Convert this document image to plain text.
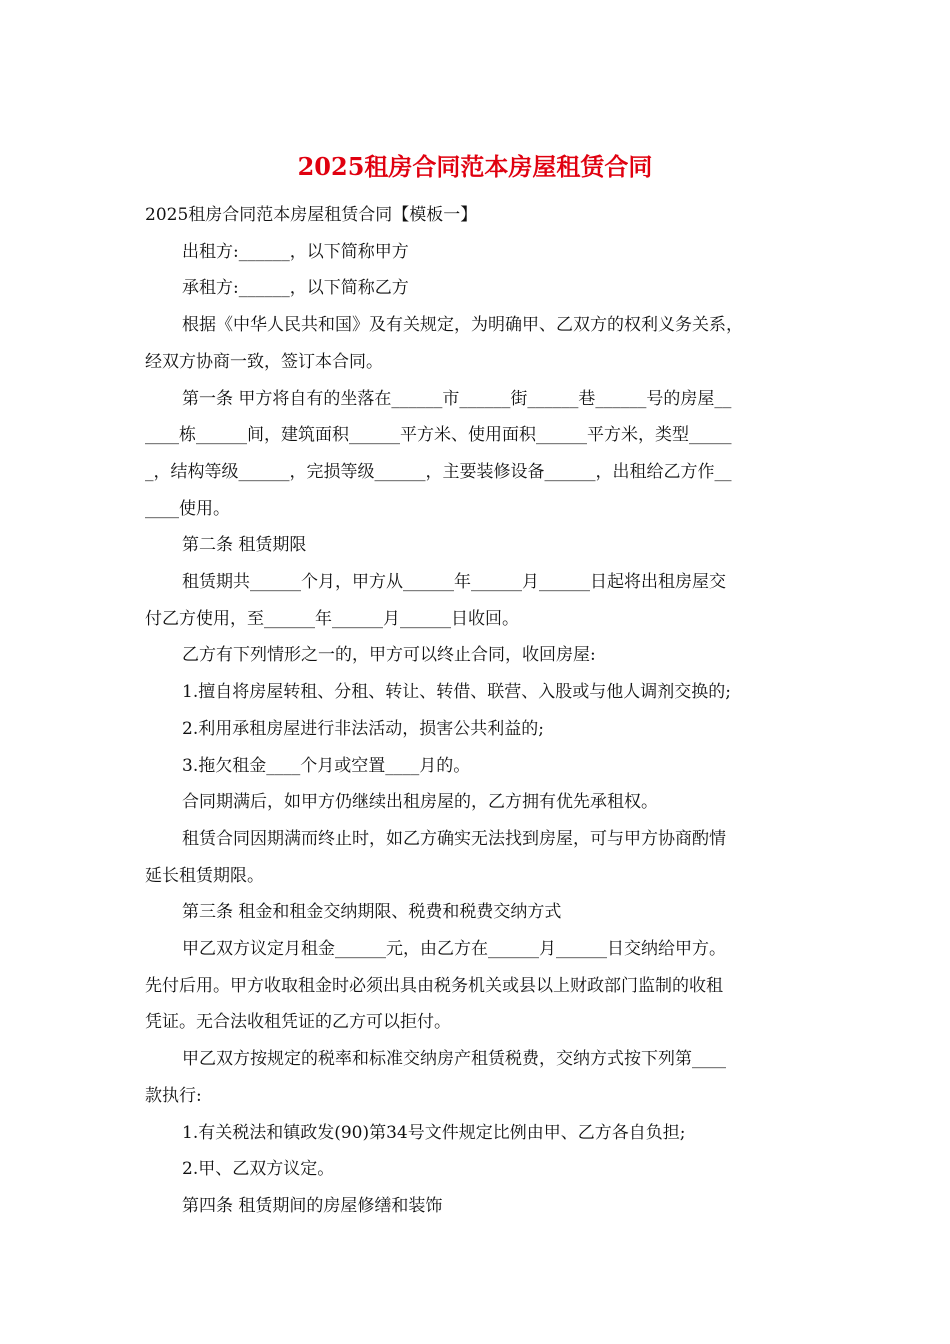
2025租房合同范本房屋租赁合同

2025租房合同范本房屋租赁合同【模板一】

出租方:______，以下简称甲方

承租方:______，以下简称乙方

根据《中华人民共和国》及有关规定，为明确甲、乙双方的权利义务关系，

经双方协商一致，签订本合同。

第一条 甲方将自有的坐落在______市______街______巷______号的房屋__

____栋______间，建筑面积______平方米、使用面积______平方米，类型_____

_，结构等级______，完损等级______，主要装修设备______，出租给乙方作__

____使用。

第二条 租赁期限

租赁期共______个月，甲方从______年______月______日起将出租房屋交

付乙方使用，至______年______月______日收回。

乙方有下列情形之一的，甲方可以终止合同，收回房屋:

1.擅自将房屋转租、分租、转让、转借、联营、入股或与他人调剂交换的;

2.利用承租房屋进行非法活动，损害公共利益的;

3.拖欠租金____个月或空置____月的。

合同期满后，如甲方仍继续出租房屋的，乙方拥有优先承租权。

租赁合同因期满而终止时，如乙方确实无法找到房屋，可与甲方协商酌情

延长租赁期限。

第三条 租金和租金交纳期限、税费和税费交纳方式

甲乙双方议定月租金______元，由乙方在______月______日交纳给甲方。

先付后用。甲方收取租金时必须出具由税务机关或县以上财政部门监制的收租

凭证。无合法收租凭证的乙方可以拒付。

甲乙双方按规定的税率和标准交纳房产租赁税费，交纳方式按下列第____

款执行:

1.有关税法和镇政发(90)第34号文件规定比例由甲、乙方各自负担;

2.甲、乙双方议定。

第四条 租赁期间的房屋修缮和装饰
